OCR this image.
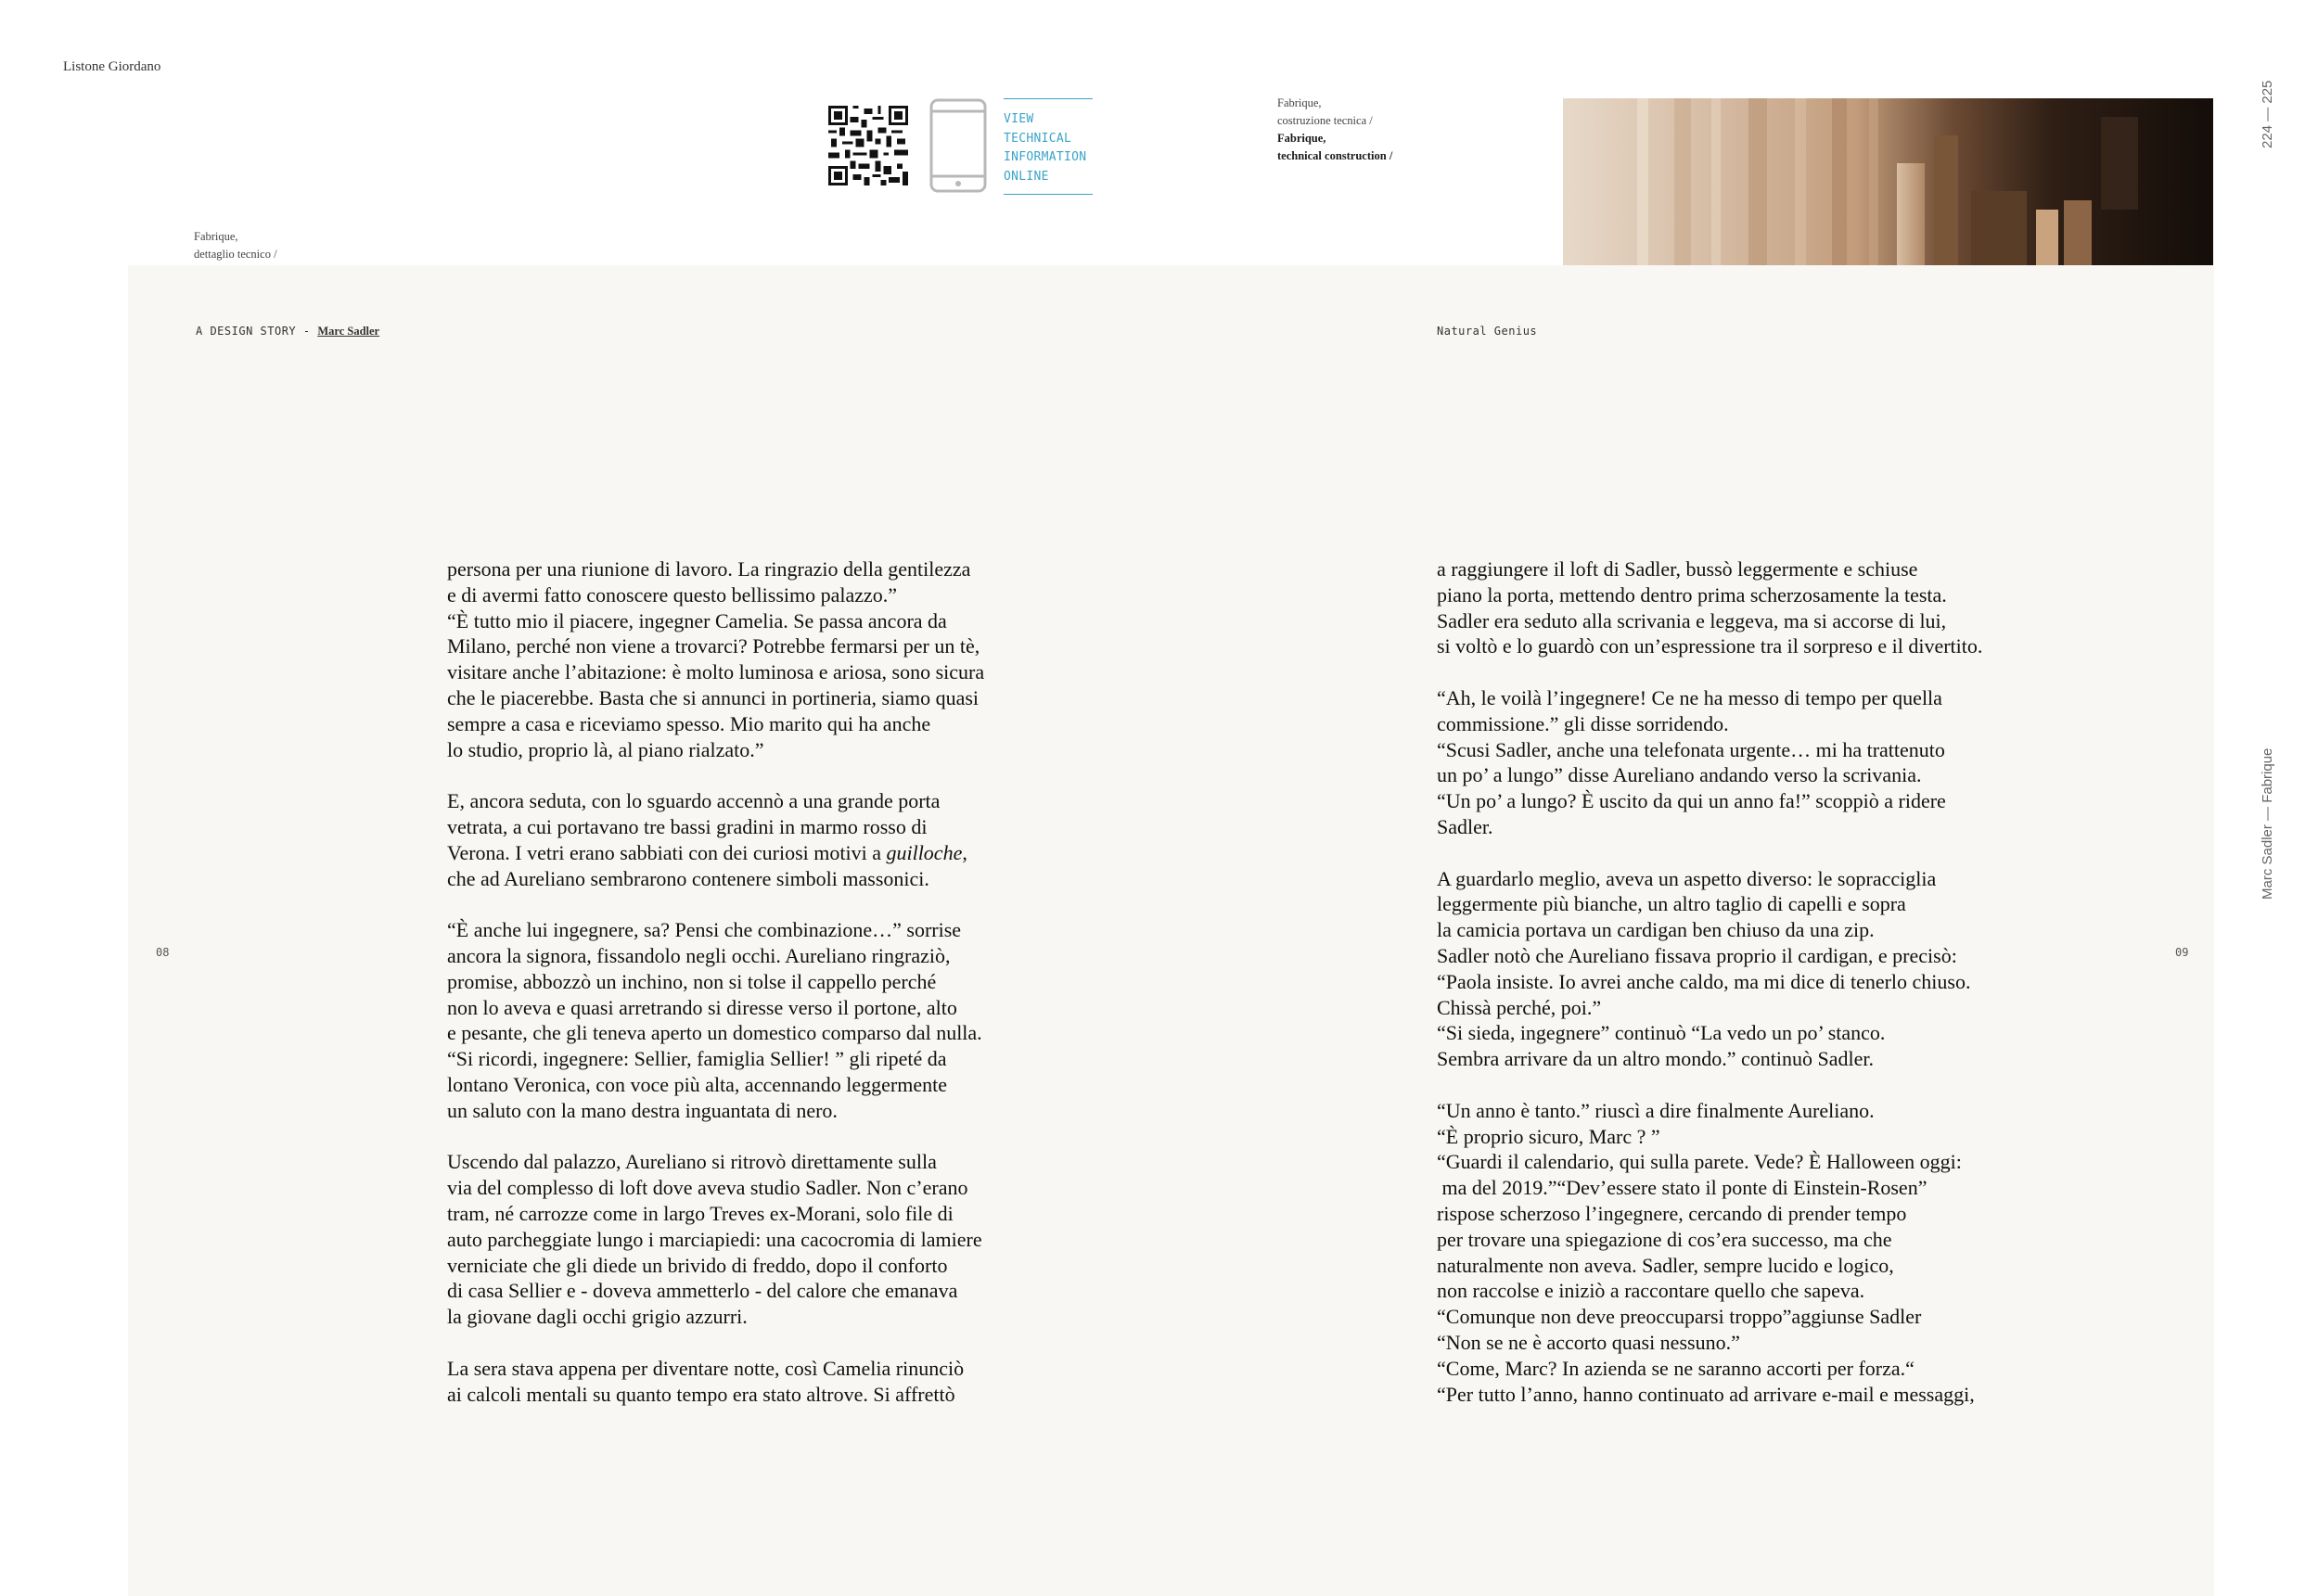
Listone Giordano
Fabrique,
dettaglio tecnico /
VIEW
TECHNICAL
INFORMATION
ONLINE
Fabrique,
costruzione tecnica /
Fabrique,
technical construction /
224 — 225
Marc Sadler — Fabrique
A DESIGN STORY - Marc Sadler	Natural Genius
08	09

persona per una riunione di lavoro. La ringrazio della gentilezza
e di avermi fatto conoscere questo bellissimo palazzo.”
“È tutto mio il piacere, ingegner Camelia. Se passa ancora da
Milano, perché non viene a trovarci? Potrebbe fermarsi per un tè,
visitare anche l’abitazione: è molto luminosa e ariosa, sono sicura
che le piacerebbe. Basta che si annunci in portineria, siamo quasi
sempre a casa e riceviamo spesso. Mio marito qui ha anche
lo studio, proprio là, al piano rialzato.”

E, ancora seduta, con lo sguardo accennò a una grande porta
vetrata, a cui portavano tre bassi gradini in marmo rosso di
Verona. I vetri erano sabbiati con dei curiosi motivi a guilloche,
che ad Aureliano sembrarono contenere simboli massonici.

“È anche lui ingegnere, sa? Pensi che combinazione…” sorrise
ancora la signora, fissandolo negli occhi. Aureliano ringraziò,
promise, abbozzò un inchino, non si tolse il cappello perché
non lo aveva e quasi arretrando si diresse verso il portone, alto
e pesante, che gli teneva aperto un domestico comparso dal nulla.
“Si ricordi, ingegnere: Sellier, famiglia Sellier! ” gli ripeté da
lontano Veronica, con voce più alta, accennando leggermente
un saluto con la mano destra inguantata di nero.

Uscendo dal palazzo, Aureliano si ritrovò direttamente sulla
via del complesso di loft dove aveva studio Sadler. Non c’erano
tram, né carrozze come in largo Treves ex-Morani, solo file di
auto parcheggiate lungo i marciapiedi: una cacocromia di lamiere
verniciate che gli diede un brivido di freddo, dopo il conforto
di casa Sellier e - doveva ammetterlo - del calore che emanava
la giovane dagli occhi grigio azzurri.

La sera stava appena per diventare notte, così Camelia rinunciò
ai calcoli mentali su quanto tempo era stato altrove. Si affrettò

a raggiungere il loft di Sadler, bussò leggermente e schiuse
piano la porta, mettendo dentro prima scherzosamente la testa.
Sadler era seduto alla scrivania e leggeva, ma si accorse di lui,
si voltò e lo guardò con un’espressione tra il sorpreso e il divertito.

“Ah, le voilà l’ingegnere! Ce ne ha messo di tempo per quella
commissione.” gli disse sorridendo.
“Scusi Sadler, anche una telefonata urgente… mi ha trattenuto
un po’ a lungo” disse Aureliano andando verso la scrivania.
“Un po’ a lungo? È uscito da qui un anno fa!” scoppiò a ridere
Sadler.

A guardarlo meglio, aveva un aspetto diverso: le sopracciglia
leggermente più bianche, un altro taglio di capelli e sopra
la camicia portava un cardigan ben chiuso da una zip.
Sadler notò che Aureliano fissava proprio il cardigan, e precisò:
“Paola insiste. Io avrei anche caldo, ma mi dice di tenerlo chiuso.
Chissà perché, poi.”
“Si sieda, ingegnere” continuò “La vedo un po’ stanco.
Sembra arrivare da un altro mondo.” continuò Sadler.

“Un anno è tanto.” riuscì a dire finalmente Aureliano.
“È proprio sicuro, Marc ? ”
“Guardi il calendario, qui sulla parete. Vede? È Halloween oggi:
ma del 2019.”“Dev’essere stato il ponte di Einstein-Rosen”
rispose scherzoso l’ingegnere, cercando di prender tempo
per trovare una spiegazione di cos’era successo, ma che
naturalmente non aveva. Sadler, sempre lucido e logico,
non raccolse e iniziò a raccontare quello che sapeva.
“Comunque non deve preoccuparsi troppo”aggiunse Sadler
“Non se ne è accorto quasi nessuno.”
“Come, Marc? In azienda se ne saranno accorti per forza.“
“Per tutto l’anno, hanno continuato ad arrivare e-mail e messaggi,
